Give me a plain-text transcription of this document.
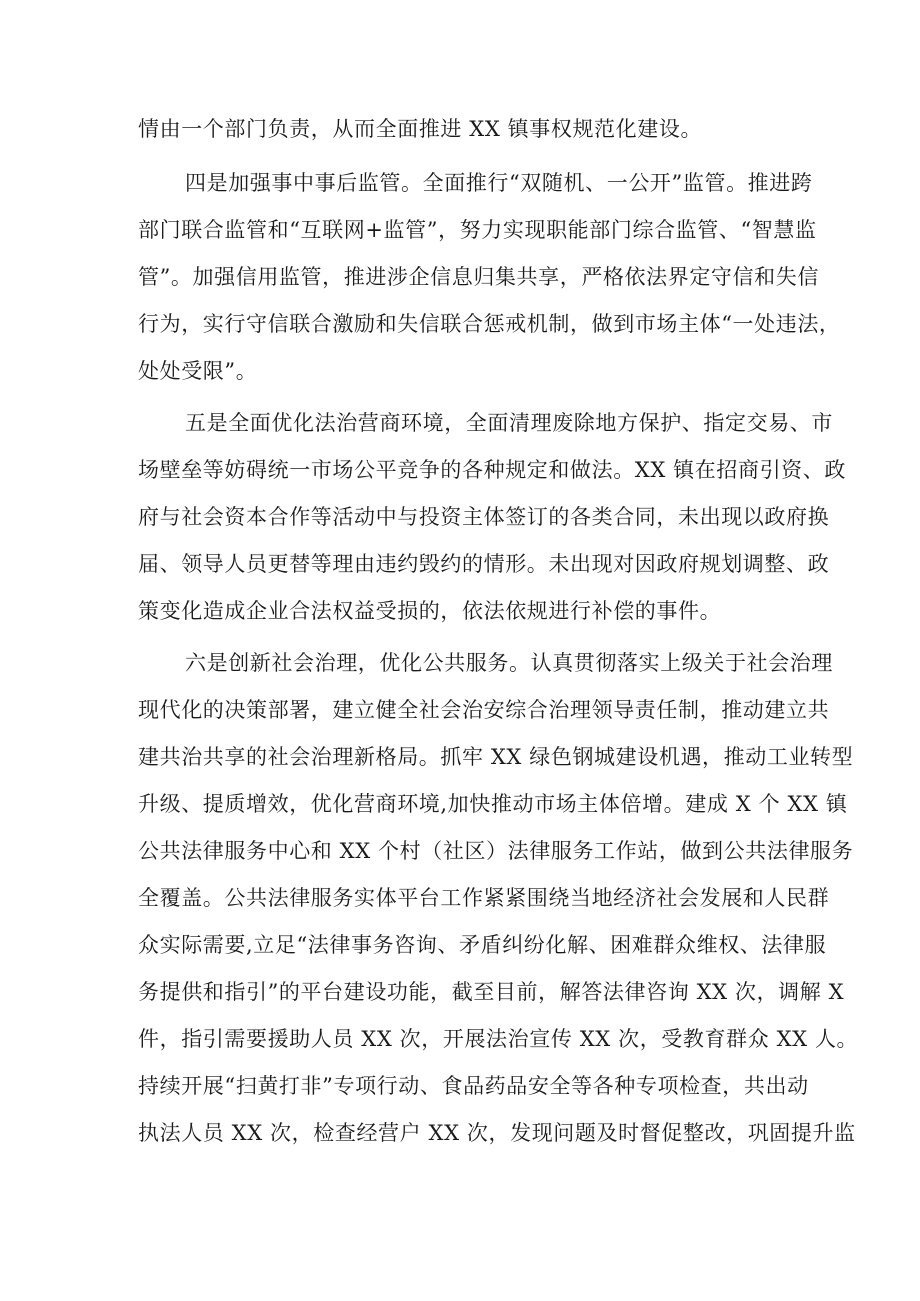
情由一个部门负责，从而全面推进 XX 镇事权规范化建设。
四是加强事中事后监管。全面推行“双随机、一公开”监管。推进跨
部门联合监管和“互联网+监管”，努力实现职能部门综合监管、“智慧监
管”。加强信用监管，推进涉企信息归集共享，严格依法界定守信和失信
行为，实行守信联合激励和失信联合惩戒机制，做到市场主体“一处违法，
处处受限”。
五是全面优化法治营商环境，全面清理废除地方保护、指定交易、市
场壁垒等妨碍统一市场公平竞争的各种规定和做法。XX 镇在招商引资、政
府与社会资本合作等活动中与投资主体签订的各类合同，未出现以政府换
届、领导人员更替等理由违约毁约的情形。未出现对因政府规划调整、政
策变化造成企业合法权益受损的，依法依规进行补偿的事件。
六是创新社会治理，优化公共服务。认真贯彻落实上级关于社会治理
现代化的决策部署，建立健全社会治安综合治理领导责任制，推动建立共
建共治共享的社会治理新格局。抓牢 XX 绿色钢城建设机遇，推动工业转型
升级、提质增效，优化营商环境,加快推动市场主体倍增。建成 X 个 XX 镇
公共法律服务中心和 XX 个村（社区）法律服务工作站，做到公共法律服务
全覆盖。公共法律服务实体平台工作紧紧围绕当地经济社会发展和人民群
众实际需要,立足“法律事务咨询、矛盾纠纷化解、困难群众维权、法律服
务提供和指引”的平台建设功能，截至目前，解答法律咨询 XX 次，调解 X
件，指引需要援助人员 XX 次，开展法治宣传 XX 次，受教育群众 XX 人。
持续开展“扫黄打非”专项行动、食品药品安全等各种专项检查，共出动
执法人员 XX 次，检查经营户 XX 次，发现问题及时督促整改，巩固提升监
